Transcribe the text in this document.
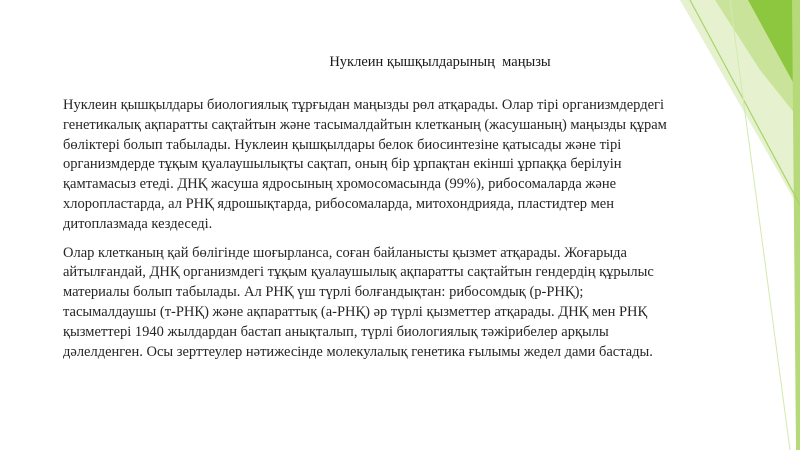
Нуклеин қышқылдарының  маңызы

Нуклеин қышқылдары биологиялық тұрғыдан маңызды рөл атқарады. Олар тірі организмдердегі
генетикалық ақпаратты сақтайтын және тасымалдайтын клетканың (жасушаның) маңызды құрам
бөліктері болып табылады. Нуклеин қышқылдары белок биосинтезіне қатысады және тірі
организмдерде тұқым қуалаушылықты сақтап, оның бір ұрпақтан екінші ұрпаққа берілуін
қамтамасыз етеді. ДНҚ жасуша ядросының хромосомасында (99%), рибосомаларда және
хлоропластарда, ал РНҚ ядрошықтарда, рибосомаларда, митохондрияда, пластидтер мен
дитоплазмада кездеседі.

Олар клетканың қай бөлігінде шоғырланса, соған байланысты қызмет атқарады. Жоғарыда
айтылғандай, ДНҚ организмдегі тұқым қуалаушылық ақпаратты сақтайтын гендердің құрылыс
материалы болып табылады. Ал РНҚ үш түрлі болғандықтан: рибосомдық (р-РНҚ);
тасымалдаушы (т-РНҚ) және ақпараттық (а-РНҚ) әр түрлі қызметтер атқарады. ДНҚ мен РНҚ
қызметтері 1940 жылдардан бастап анықталып, түрлі биологиялық тәжірибелер арқылы
дәлелденген. Осы зерттеулер нәтижесінде молекулалық генетика ғылымы жедел дами бастады.
